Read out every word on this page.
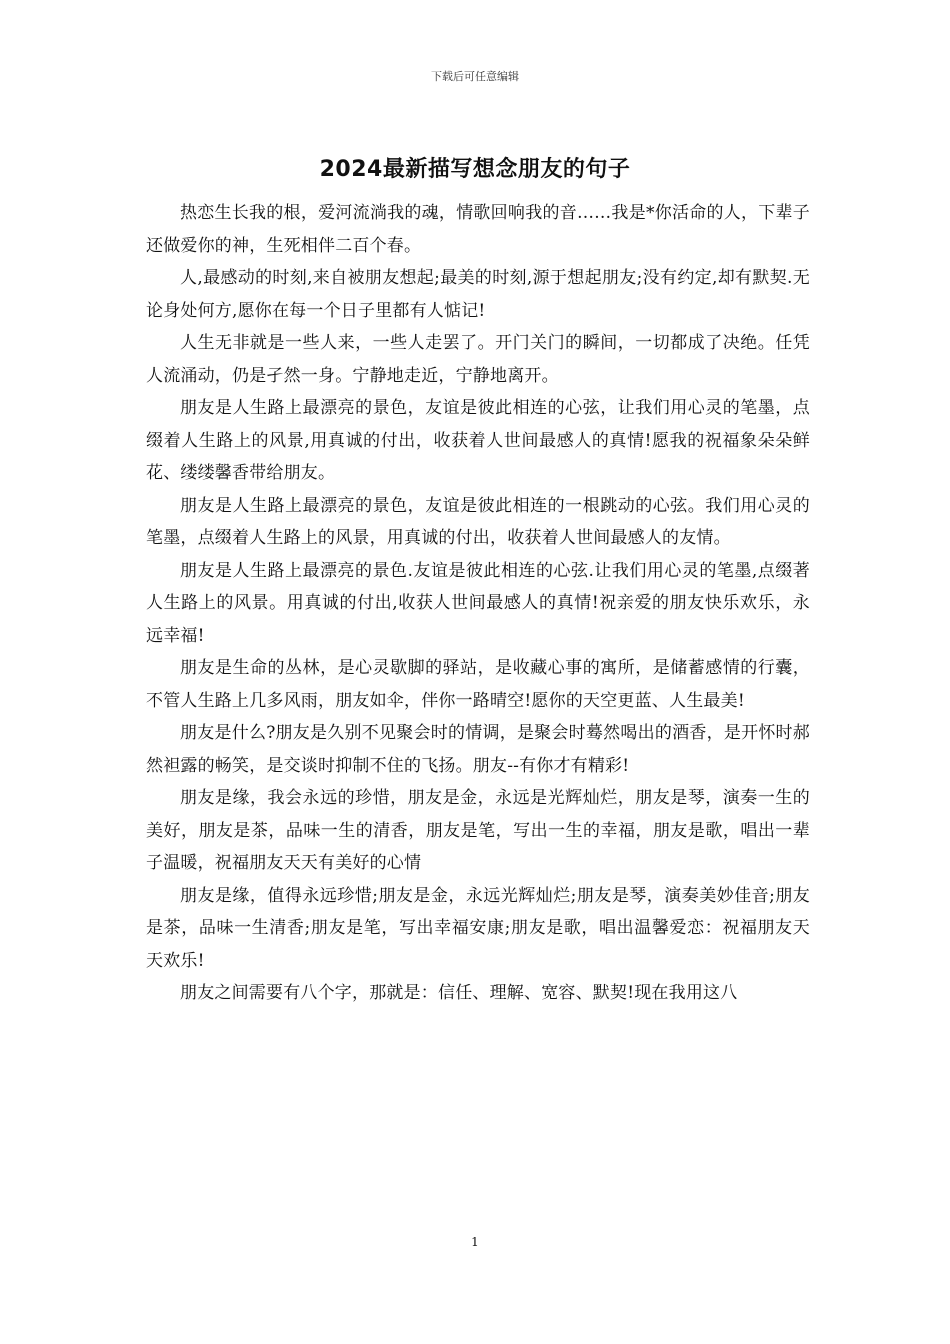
下载后可任意编辑
2024最新描写想念朋友的句子

热恋生长我的根，爱河流淌我的魂，情歌回响我的音……我是*你活命的人，下辈子还做爱你的神，生死相伴二百个春。

人,最感动的时刻,来自被朋友想起;最美的时刻,源于想起朋友;没有约定,却有默契.无论身处何方,愿你在每一个日子里都有人惦记!

人生无非就是一些人来，一些人走罢了。开门关门的瞬间，一切都成了决绝。任凭人流涌动，仍是孑然一身。宁静地走近，宁静地离开。

朋友是人生路上最漂亮的景色，友谊是彼此相连的心弦，让我们用心灵的笔墨，点缀着人生路上的风景,用真诚的付出，收获着人世间最感人的真情!愿我的祝福象朵朵鲜花、缕缕馨香带给朋友。

朋友是人生路上最漂亮的景色，友谊是彼此相连的一根跳动的心弦。我们用心灵的笔墨，点缀着人生路上的风景，用真诚的付出，收获着人世间最感人的友情。

朋友是人生路上最漂亮的景色.友谊是彼此相连的心弦.让我们用心灵的笔墨,点缀著人生路上的风景。用真诚的付出,收获人世间最感人的真情!祝亲爱的朋友快乐欢乐，永远幸福!

朋友是生命的丛林，是心灵歇脚的驿站，是收藏心事的寓所，是储蓄感情的行囊，不管人生路上几多风雨，朋友如伞，伴你一路晴空!愿你的天空更蓝、人生最美!

朋友是什么?朋友是久别不见聚会时的情调，是聚会时蓦然喝出的酒香，是开怀时郝然袒露的畅笑，是交谈时抑制不住的飞扬。朋友--有你才有精彩!

朋友是缘，我会永远的珍惜，朋友是金，永远是光辉灿烂，朋友是琴，演奏一生的美好，朋友是茶，品味一生的清香，朋友是笔，写出一生的幸福，朋友是歌，唱出一辈子温暖，祝福朋友天天有美好的心情

朋友是缘，值得永远珍惜;朋友是金，永远光辉灿烂;朋友是琴，演奏美妙佳音;朋友是茶，品味一生清香;朋友是笔，写出幸福安康;朋友是歌，唱出温馨爱恋：祝福朋友天天欢乐!

朋友之间需要有八个字，那就是：信任、理解、宽容、默契!现在我用这八

1
